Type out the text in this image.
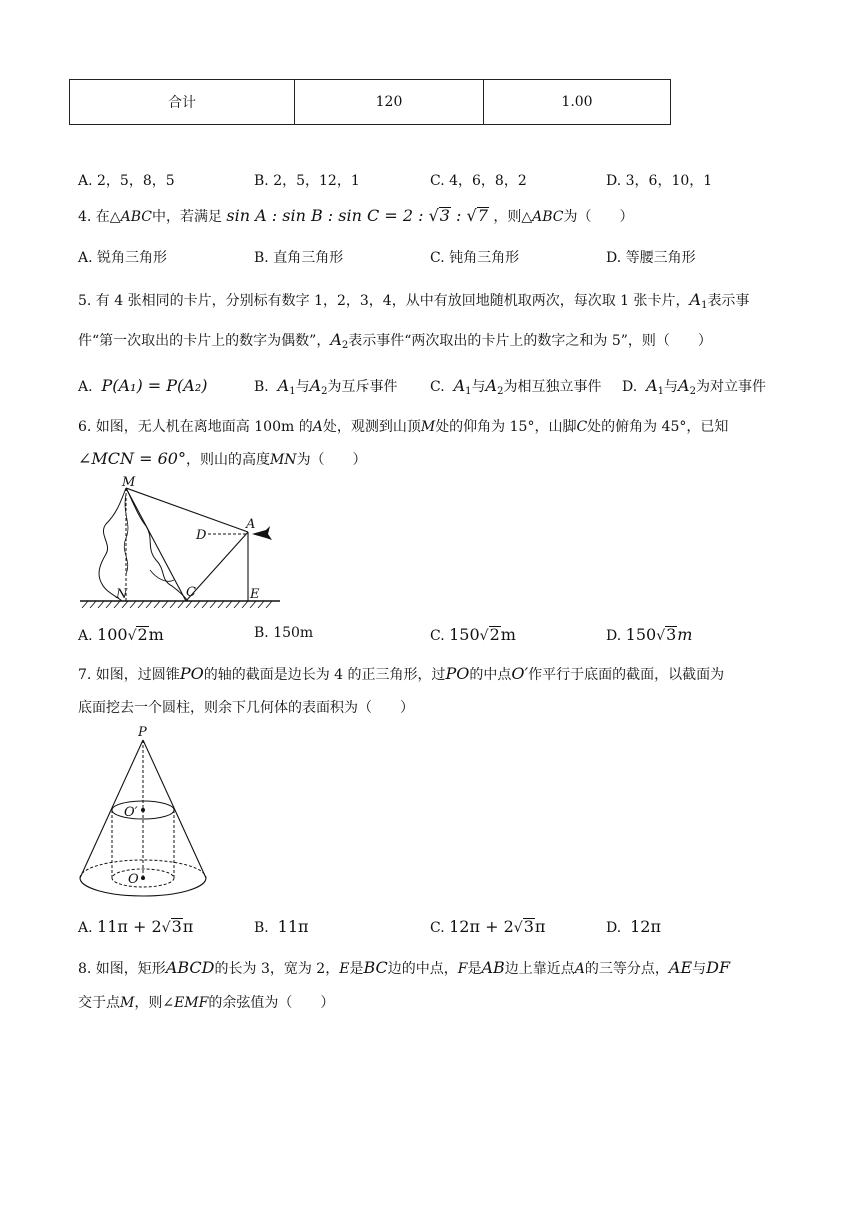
合计	120	1.00
A. 2，5，8，5	B. 2，5，12，1	C. 4，6，8，2	D. 3，6，10，1
4. 在△ABC中，若满足 sin A : sin B : sin C = 2 : √3 : √7 ，则△ABC为（　　）
A. 锐角三角形	B. 直角三角形	C. 钝角三角形	D. 等腰三角形
5. 有 4 张相同的卡片，分别标有数字 1，2，3，4，从中有放回地随机取两次，每次取 1 张卡片，$A_1$表示事
件“第一次取出的卡片上的数字为偶数”，$A_2$表示事件“两次取出的卡片上的数字之和为 5”，则（　　）
A. P(A₁) = P(A₂)	B. $A_1$与$A_2$为互斥事件 C. $A_1$与$A_2$为相互独立事件 D. $A_1$与$A_2$为对立事件
6. 如图，无人机在离地面高 100m 的A处，观测到山顶M处的仰角为 15°，山脚C处的俯角为 45°，已知
∠MCN = 60°，则山的高度MN为（　　）
M
D
A
N	C	E
A. 100√2m	B. 150m	C. 150√2m	D. 150√3m
7. 如图，过圆锥PO的轴的截面是边长为 4 的正三角形，过PO的中点O′作平行于底面的截面，以截面为
底面挖去一个圆柱，则余下几何体的表面积为（　　）
P
O′
O
A. 11π + 2√3π	B. 11π	C. 12π + 2√3π	D. 12π
8. 如图，矩形ABCD的长为 3，宽为 2，E是BC边的中点，F是AB边上靠近点A的三等分点，AE与DF
交于点M，则∠EMF的余弦值为（　　）
